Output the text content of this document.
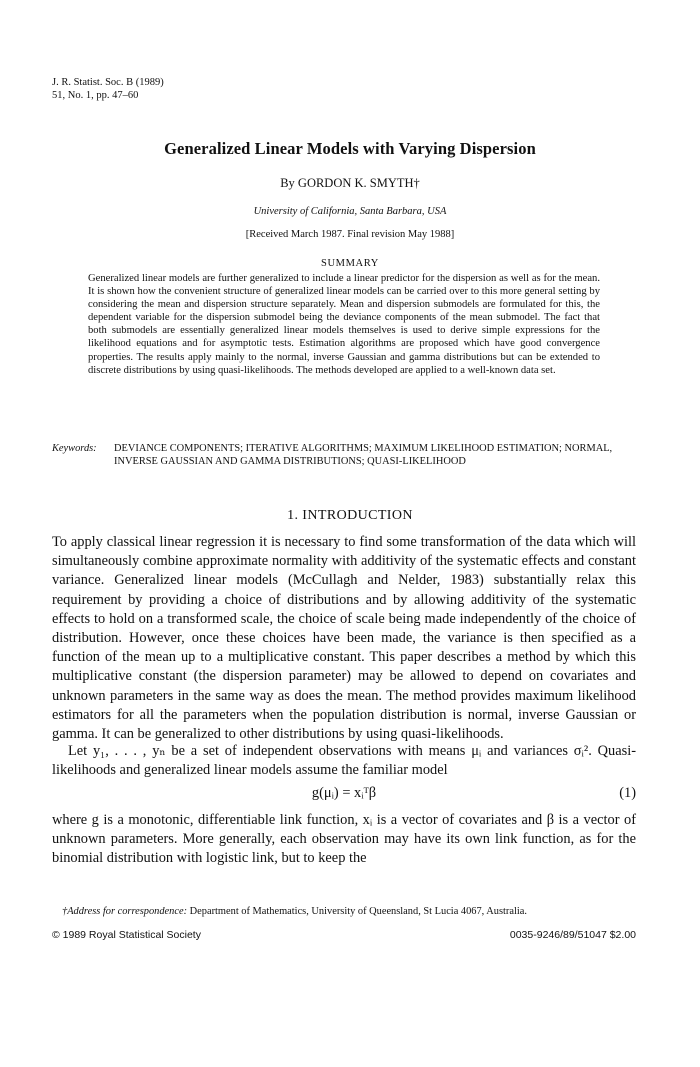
J. R. Statist. Soc. B (1989)
51, No. 1, pp. 47–60
Generalized Linear Models with Varying Dispersion
By GORDON K. SMYTH†
University of California, Santa Barbara, USA
[Received March 1987. Final revision May 1988]
SUMMARY
Generalized linear models are further generalized to include a linear predictor for the dispersion as well as for the mean. It is shown how the convenient structure of generalized linear models can be carried over to this more general setting by considering the mean and dispersion structure separately. Mean and dispersion submodels are formulated for this, the dependent variable for the dispersion submodel being the deviance components of the mean submodel. The fact that both submodels are essentially generalized linear models themselves is used to derive simple expressions for the likelihood equations and for asymptotic tests. Estimation algorithms are proposed which have good convergence properties. The results apply mainly to the normal, inverse Gaussian and gamma distributions but can be extended to discrete distributions by using quasi-likelihoods. The methods developed are applied to a well-known data set.
Keywords: DEVIANCE COMPONENTS; ITERATIVE ALGORITHMS; MAXIMUM LIKELIHOOD ESTIMATION; NORMAL, INVERSE GAUSSIAN AND GAMMA DISTRIBUTIONS; QUASI-LIKELIHOOD
1. INTRODUCTION
To apply classical linear regression it is necessary to find some transformation of the data which will simultaneously combine approximate normality with additivity of the systematic effects and constant variance. Generalized linear models (McCullagh and Nelder, 1983) substantially relax this requirement by providing a choice of distributions and by allowing additivity of the systematic effects to hold on a transformed scale, the choice of scale being made independently of the choice of distribution. However, once these choices have been made, the variance is then specified as a function of the mean up to a multiplicative constant. This paper describes a method by which this multiplicative constant (the dispersion parameter) may be allowed to depend on covariates and unknown parameters in the same way as does the mean. The method provides maximum likelihood estimators for all the parameters when the population distribution is normal, inverse Gaussian or gamma. It can be generalized to other distributions by using quasi-likelihoods.
Let y₁, . . . , yₙ be a set of independent observations with means μᵢ and variances σᵢ². Quasi-likelihoods and generalized linear models assume the familiar model
g(μᵢ) = xᵢᵀβ	(1)
where g is a monotonic, differentiable link function, xᵢ is a vector of covariates and β is a vector of unknown parameters. More generally, each observation may have its own link function, as for the binomial distribution with logistic link, but to keep the
†Address for correspondence: Department of Mathematics, University of Queensland, St Lucia 4067, Australia.
© 1989 Royal Statistical Society	0035-9246/89/51047 $2.00
